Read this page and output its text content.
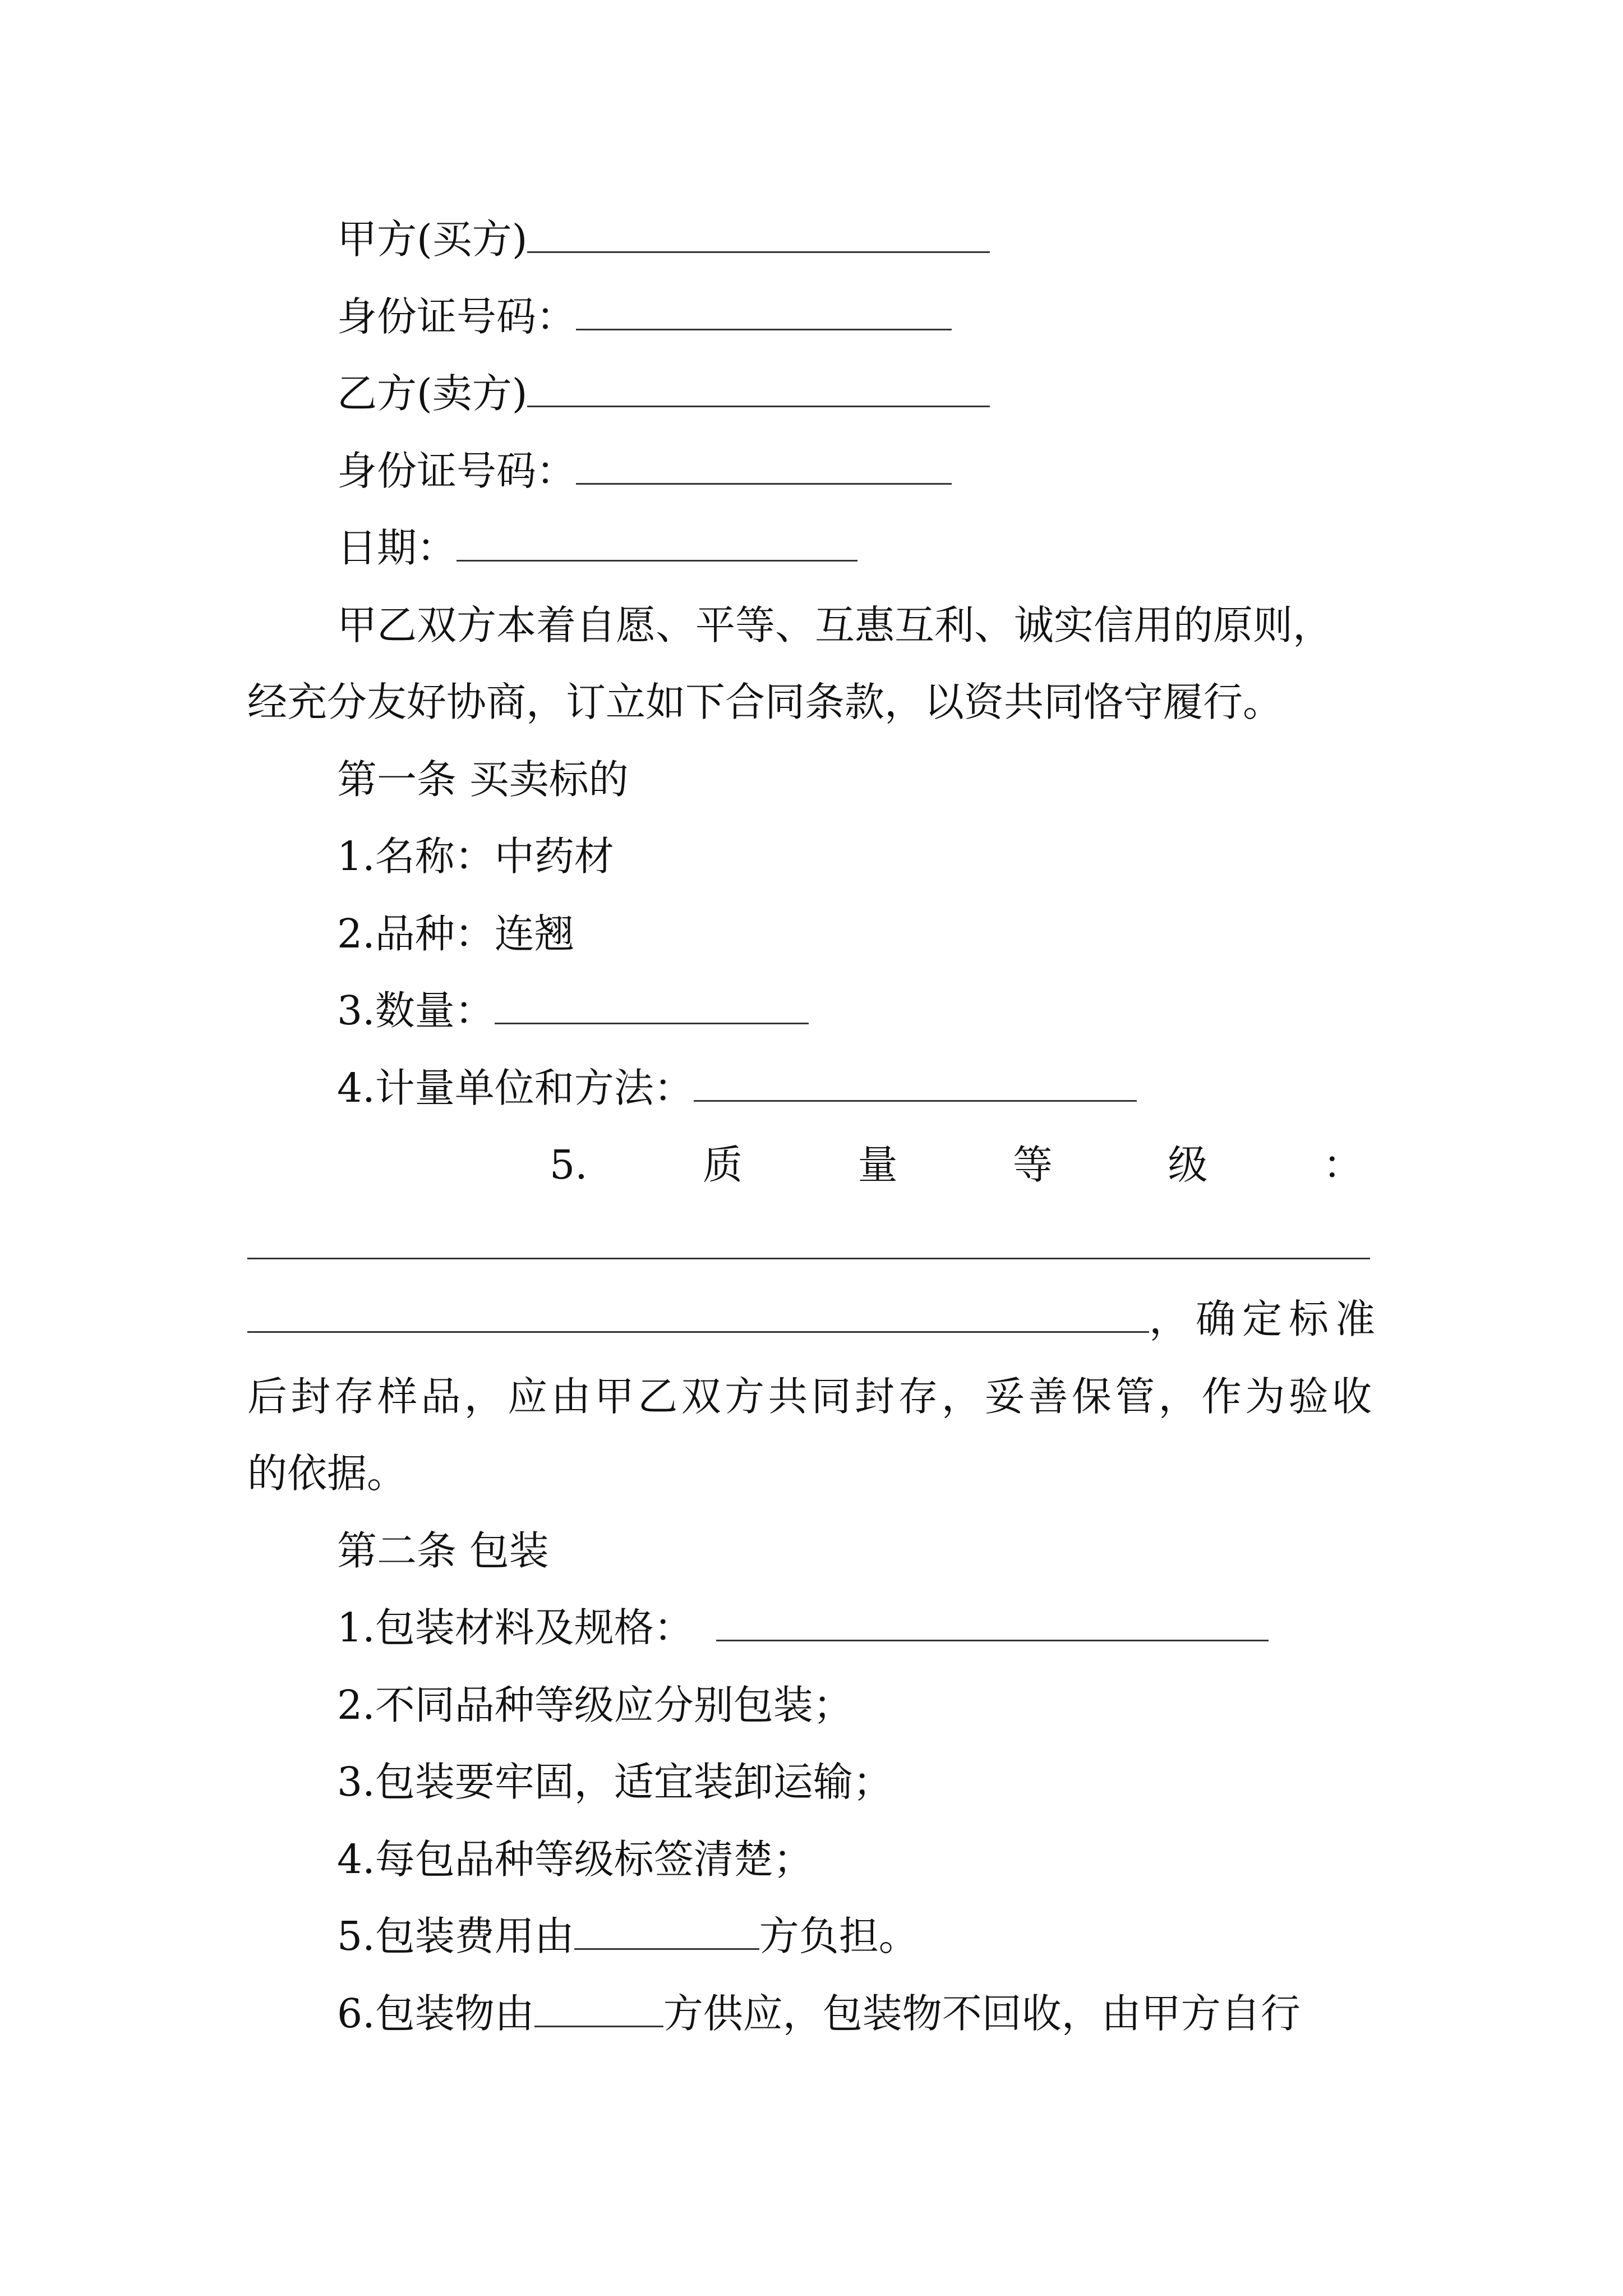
甲方(买方)
身份证号码：
乙方(卖方)
身份证号码：
日期：
甲乙双方本着自愿、平等、互惠互利、诚实信用的原则，
经充分友好协商，订立如下合同条款，以资共同恪守履行。
第一条 买卖标的
1.名称：中药材
2.品种：连翘
3.数量：
4.计量单位和方法：
5.	质	量	等	级	：
，确定标准
后封存样品，应由甲乙双方共同封存，妥善保管，作为验收
的依据。
第二条 包装
1.包装材料及规格：
2.不同品种等级应分别包装；
3.包装要牢固，适宜装卸运输；
4.每包品种等级标签清楚；
5.包装费用由	方负担。
6.包装物由	方供应，包装物不回收，由甲方自行
